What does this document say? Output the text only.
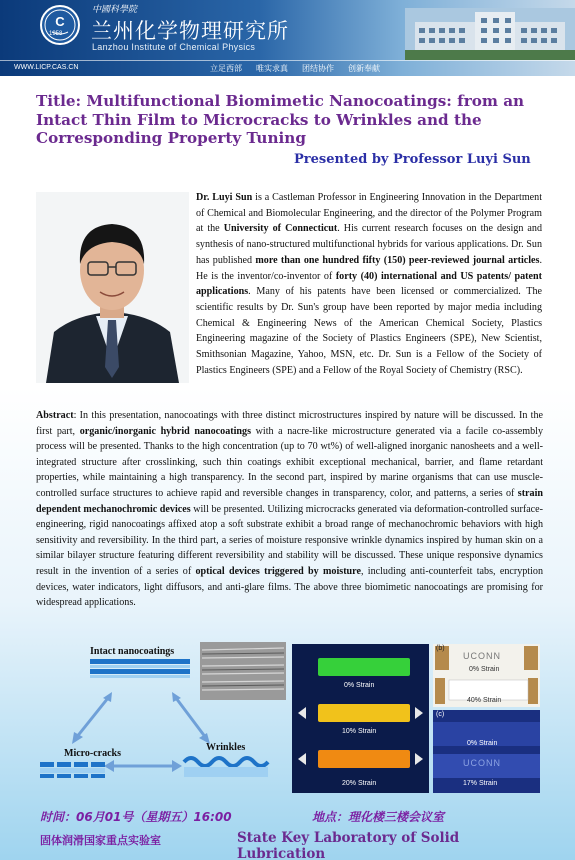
C
1958
中國科學院
兰州化学物理研究所
Lanzhou Institute of Chemical Physics
WWW.LICP.CAS.CN	立足西部 唯实求真 团结协作 创新奉献
Title: Multifunctional Biomimetic Nanocoatings: from an Intact Thin Film to Microcracks to Wrinkles and the Corresponding Property Tuning
Presented by Professor Luyi Sun
Dr. Luyi Sun is a Castleman Professor in Engineering Innovation in the Department of Chemical and Biomolecular Engineering, and the director of the Polymer Program at the University of Connecticut. His current research focuses on the design and synthesis of nano-structured multifunctional hybrids for various applications. Dr. Sun has published more than one hundred fifty (150) peer-reviewed journal articles. He is the inventor/co-inventor of forty (40) international and US patents/ patent applications. Many of his patents have been licensed or commercialized. The scientific results by Dr. Sun's group have been reported by major media including Chemical & Engineering News of the American Chemical Society, Plastics Engineering magazine of the Society of Plastics Engineers (SPE), New Scientist, Smithsonian Magazine, Yahoo, MSN, etc. Dr. Sun is a Fellow of the Society of Plastics Engineers (SPE) and a Fellow of the Royal Society of Chemistry (RSC).
Abstract: In this presentation, nanocoatings with three distinct microstructures inspired by nature will be discussed. In the first part, organic/inorganic hybrid nanocoatings with a nacre-like microstructure generated via a facile co-assembly process will be presented. Thanks to the high concentration (up to 70 wt%) of well-aligned inorganic nanosheets and a well-integrated structure after crosslinking, such thin coatings exhibit exceptional mechanical, barrier, and flame retardant properties, while maintaining a high transparency. In the second part, inspired by marine organisms that can use muscle-controlled surface structures to achieve rapid and reversible changes in transparency, color, and patterns, a series of strain dependent mechanochromic devices will be presented. Utilizing microcracks generated via deformation-controlled surface-engineering, rigid nanocoatings affixed atop a soft substrate exhibit a broad range of mechanochromic behaviors with high sensitivity and reversibility. In the third part, a series of moisture responsive wrinkle dynamics inspired by human skin on a similar bilayer structure featuring different reversibility and stability will be discussed. These unique responsive dynamics result in the invention of a series of optical devices triggered by moisture, including anti-counterfeit tabs, encryption devices, water indicators, light diffusors, and anti-glare films. The above three biomimetic nanocoatings are promising for widespread applications.
Intact nanocoatings
Micro-cracks
Wrinkles
0% Strain
10% Strain
20% Strain
(b)
UCONN
0% Strain
40% Strain
(c)
0% Strain
UCONN
17% Strain
时间：06月01号（星期五）16:00	地点：理化楼三楼会议室
固体润滑国家重点实验室	State Key Laboratory of Solid Lubrication
